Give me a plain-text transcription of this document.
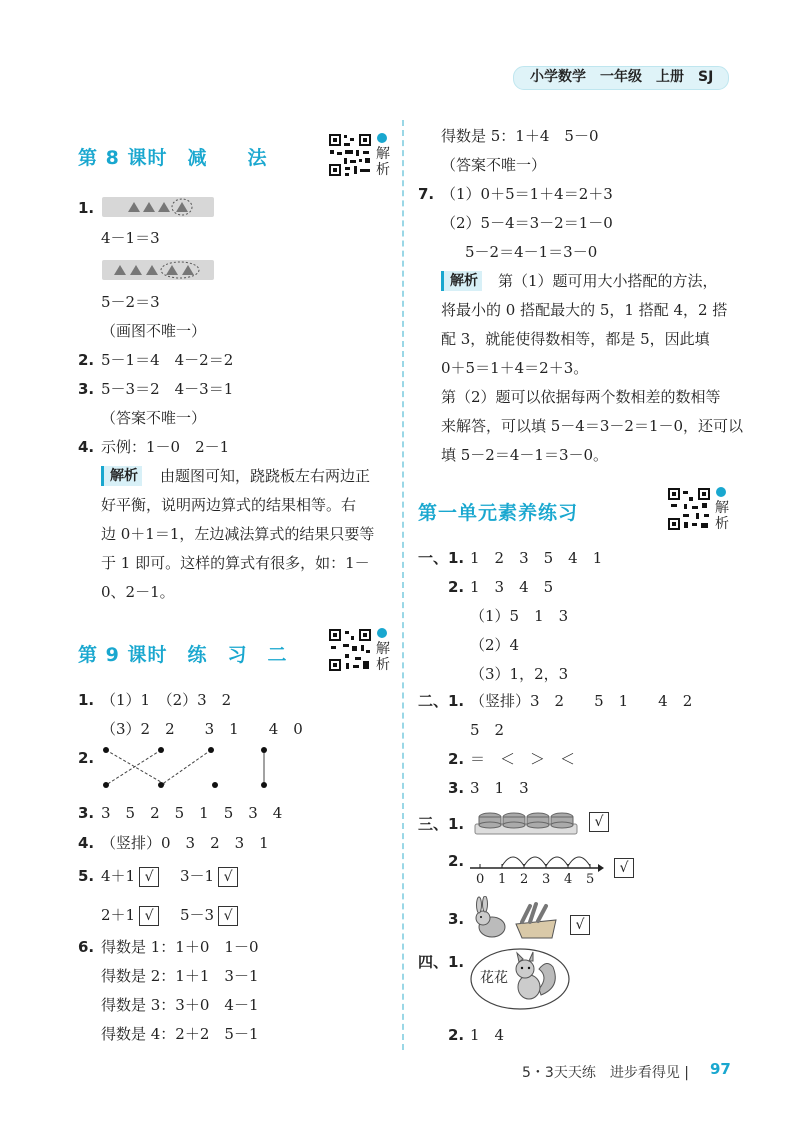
小学数学　一年级　上册　SJ
第 8 课时　减　　法	解析
1.
4－1＝3
5－2＝3
（画图不唯一）
2. 5－1＝4　4－2＝2
3. 5－3＝2　4－3＝1
（答案不唯一）
4. 示例：1－0　2－1
解析 由题图可知，跷跷板左右两边正
好平衡，说明两边算式的结果相等。右
边 0＋1＝1，左边减法算式的结果只要等
于 1 即可。这样的算式有很多，如：1－
0、2－1。
第 9 课时　练　习　二	解析
1. （1）1　（2）3　2
（3）2　2　　3　1　　4　0
2.
3. 3　5　2　5　1　5　3　4
4. （竖排）0　3　2　3　1
5. 4＋1 √	3－1 √
2＋1 √	5－3 √
6. 得数是 1：1＋0　1－0
得数是 2：1＋1　3－1
得数是 3：3＋0　4－1
得数是 4：2＋2　5－1
得数是 5：1＋4　5－0
（答案不唯一）
7. （1）0＋5＝1＋4＝2＋3
（2）5－4＝3－2＝1－0
5－2＝4－1＝3－0
解析 第（1）题可用大小搭配的方法，
将最小的 0 搭配最大的 5，1 搭配 4，2 搭
配 3，就能使得数相等，都是 5，因此填
0＋5＝1＋4＝2＋3。
第（2）题可以依据每两个数相差的数相等
来解答，可以填 5－4＝3－2＝1－0，还可以
填 5－2＝4－1＝3－0。
第一单元素养练习	解析
一、 1. 1　2　3　5　4　1
2. 1　3　4　5
（1）5　1　3
（2）4
（3）1，2，3
二、 1. （竖排）3　2　　5　1　　4　2
5　2
2. ＝　＜　＞　＜
3. 3　1　3
三、 1.	√
2.
0 1 2 3 4 5
√
3.	√
四、 1.
花花
2. 1　4
5・3天天练　进步看得见 | 97
